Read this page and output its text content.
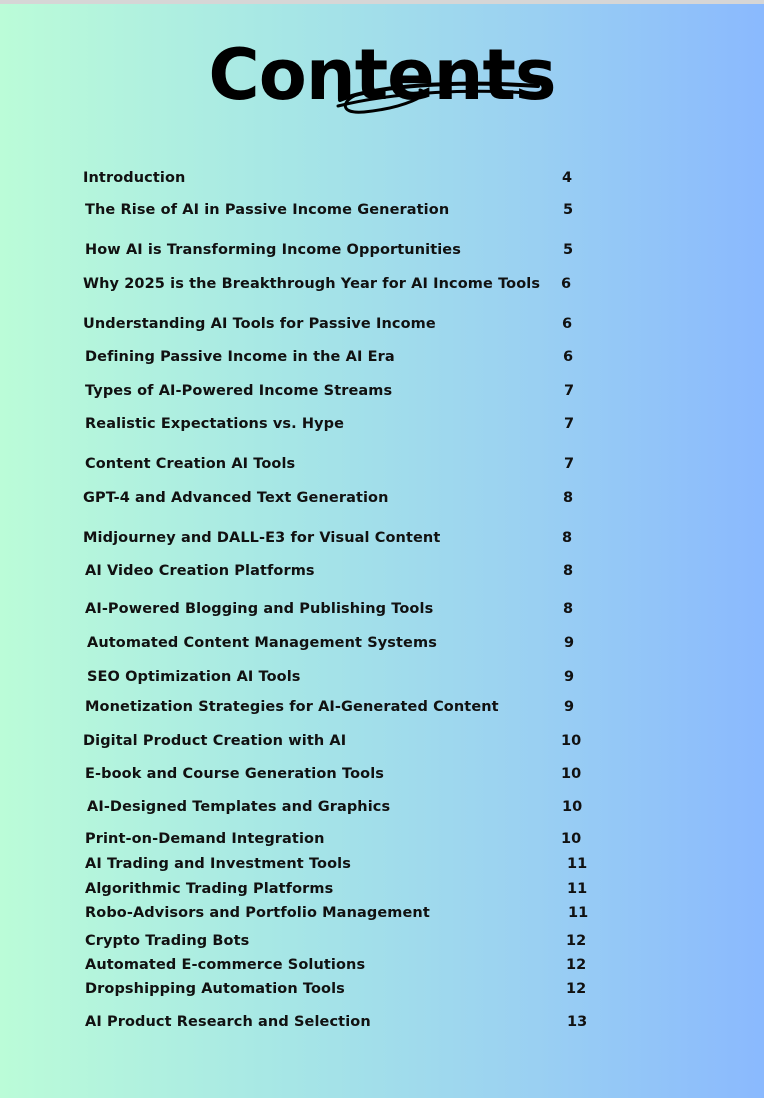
Contents
Introduction	4
The Rise of AI in Passive Income Generation	5
How AI is Transforming Income Opportunities	5
Why 2025 is the Breakthrough Year for AI Income Tools 6
Understanding AI Tools for Passive Income	6
Defining Passive Income in the AI Era	6
Types of AI-Powered Income Streams	7
Realistic Expectations vs. Hype	7
Content Creation AI Tools	7
GPT-4 and Advanced Text Generation	8
Midjourney and DALL-E3 for Visual Content	8
AI Video Creation Platforms	8
AI-Powered Blogging and Publishing Tools	8
Automated Content Management Systems	9
SEO Optimization AI Tools	9
Monetization Strategies for AI-Generated Content	9
Digital Product Creation with AI	10
E-book and Course Generation Tools	10
AI-Designed Templates and Graphics	10
Print-on-Demand Integration	10
AI Trading and Investment Tools	11
Algorithmic Trading Platforms	11
Robo-Advisors and Portfolio Management	11
Crypto Trading Bots	12
Automated E-commerce Solutions	12
Dropshipping Automation Tools	12
AI Product Research and Selection	13
